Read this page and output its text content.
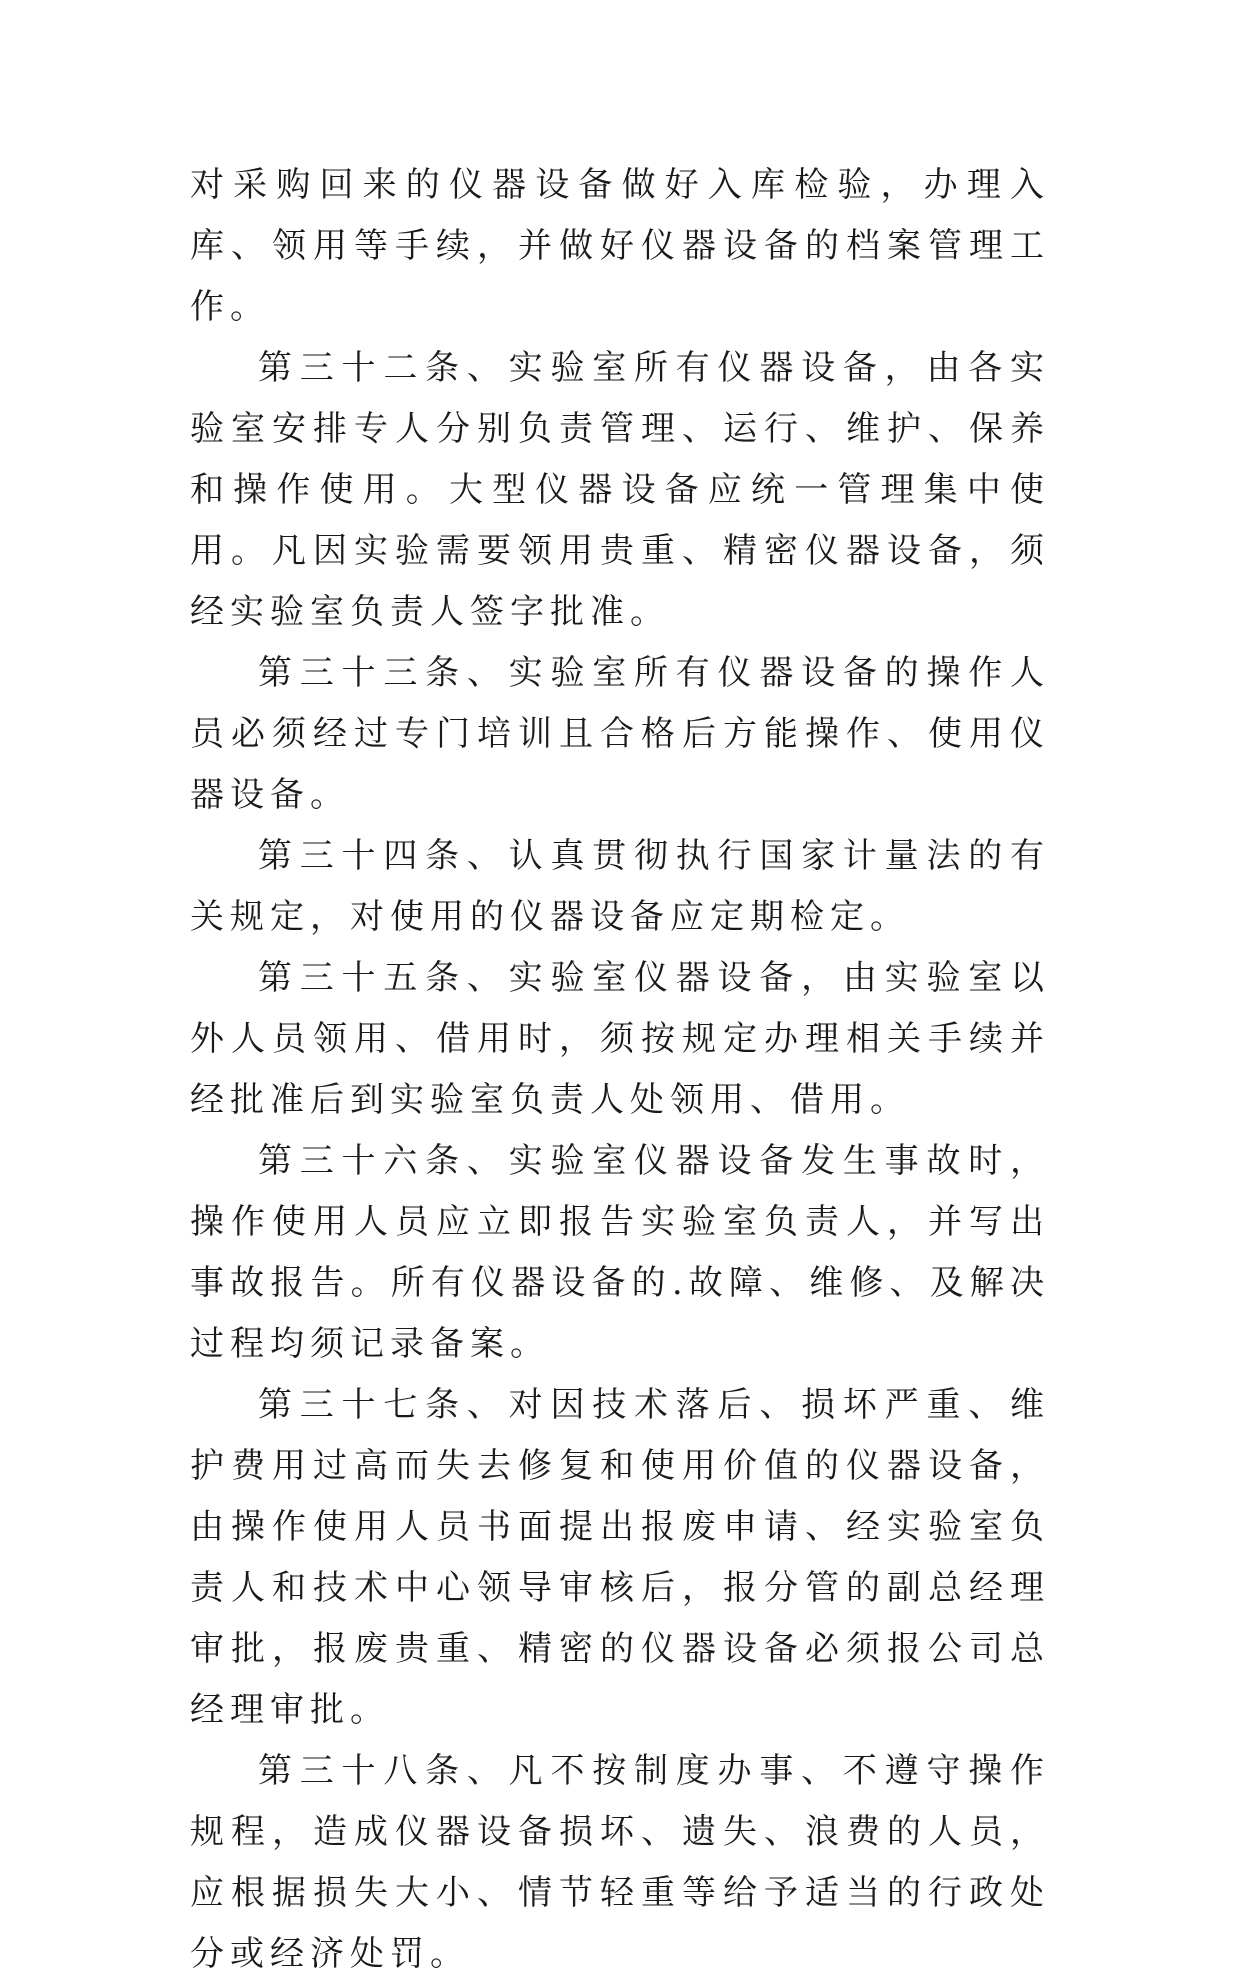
对采购回来的仪器设备做好入库检验，办理入库、领用等手续，并做好仪器设备的档案管理工作。

第三十二条、实验室所有仪器设备，由各实验室安排专人分别负责管理、运行、维护、保养和操作使用。大型仪器设备应统一管理集中使用。凡因实验需要领用贵重、精密仪器设备，须经实验室负责人签字批准。

第三十三条、实验室所有仪器设备的操作人员必须经过专门培训且合格后方能操作、使用仪器设备。

第三十四条、认真贯彻执行国家计量法的有关规定，对使用的仪器设备应定期检定。

第三十五条、实验室仪器设备，由实验室以外人员领用、借用时，须按规定办理相关手续并经批准后到实验室负责人处领用、借用。

第三十六条、实验室仪器设备发生事故时，操作使用人员应立即报告实验室负责人，并写出事故报告。所有仪器设备的.故障、维修、及解决过程均须记录备案。

第三十七条、对因技术落后、损坏严重、维护费用过高而失去修复和使用价值的仪器设备，由操作使用人员书面提出报废申请、经实验室负责人和技术中心领导审核后，报分管的副总经理审批，报废贵重、精密的仪器设备必须报公司总经理审批。

第三十八条、凡不按制度办事、不遵守操作规程，造成仪器设备损坏、遗失、浪费的人员，应根据损失大小、情节轻重等给予适当的行政处分或经济处罚。
